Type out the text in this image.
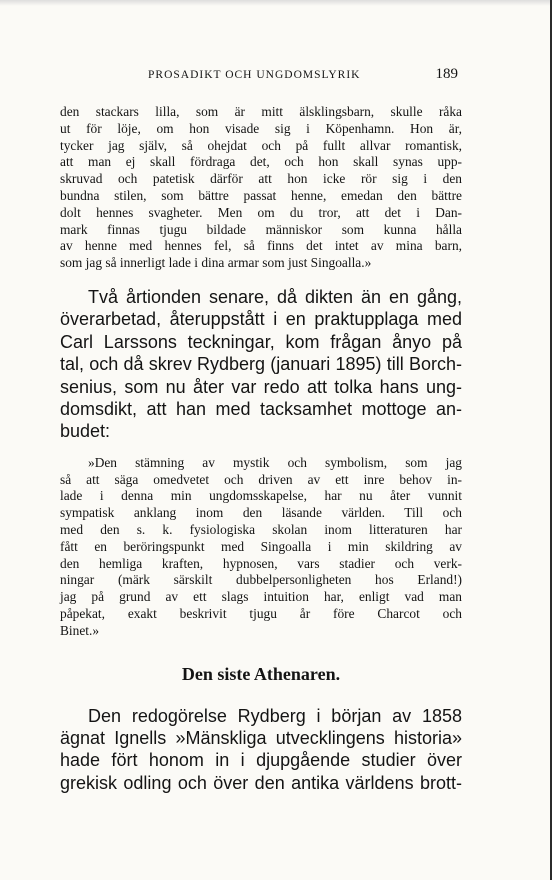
PROSADIKT OCH UNGDOMSLYRIK	189
den stackars lilla, som är mitt älsklingsbarn, skulle råka
ut för löje, om hon visade sig i Köpenhamn. Hon är,
tycker jag själv, så ohejdat och på fullt allvar romantisk,
att man ej skall fördraga det, och hon skall synas upp-
skruvad och patetisk därför att hon icke rör sig i den
bundna stilen, som bättre passat henne, emedan den bättre
dolt hennes svagheter. Men om du tror, att det i Dan-
mark finnas tjugu bildade människor som kunna hålla
av henne med hennes fel, så finns det intet av mina barn,
som jag så innerligt lade i dina armar som just Singoalla.»
Två årtionden senare, då dikten än en gång,
överarbetad, återuppstått i en praktupplaga med
Carl Larssons teckningar, kom frågan ånyo på
tal, och då skrev Rydberg (januari 1895) till Borch-
senius, som nu åter var redo att tolka hans ung-
domsdikt, att han med tacksamhet mottoge an-
budet:
»Den stämning av mystik och symbolism, som jag
så att säga omedvetet och driven av ett inre behov in-
lade i denna min ungdomsskapelse, har nu åter vunnit
sympatisk anklang inom den läsande världen. Till och
med den s. k. fysiologiska skolan inom litteraturen har
fått en beröringspunkt med Singoalla i min skildring av
den hemliga kraften, hypnosen, vars stadier och verk-
ningar (märk särskilt dubbelpersonligheten hos Erland!)
jag på grund av ett slags intuition har, enligt vad man
påpekat, exakt beskrivit tjugu år före Charcot och
Binet.»
Den siste Athenaren.
Den redogörelse Rydberg i början av 1858
ägnat Ignells »Mänskliga utvecklingens historia»
hade fört honom in i djupgående studier över
grekisk odling och över den antika världens brott-
